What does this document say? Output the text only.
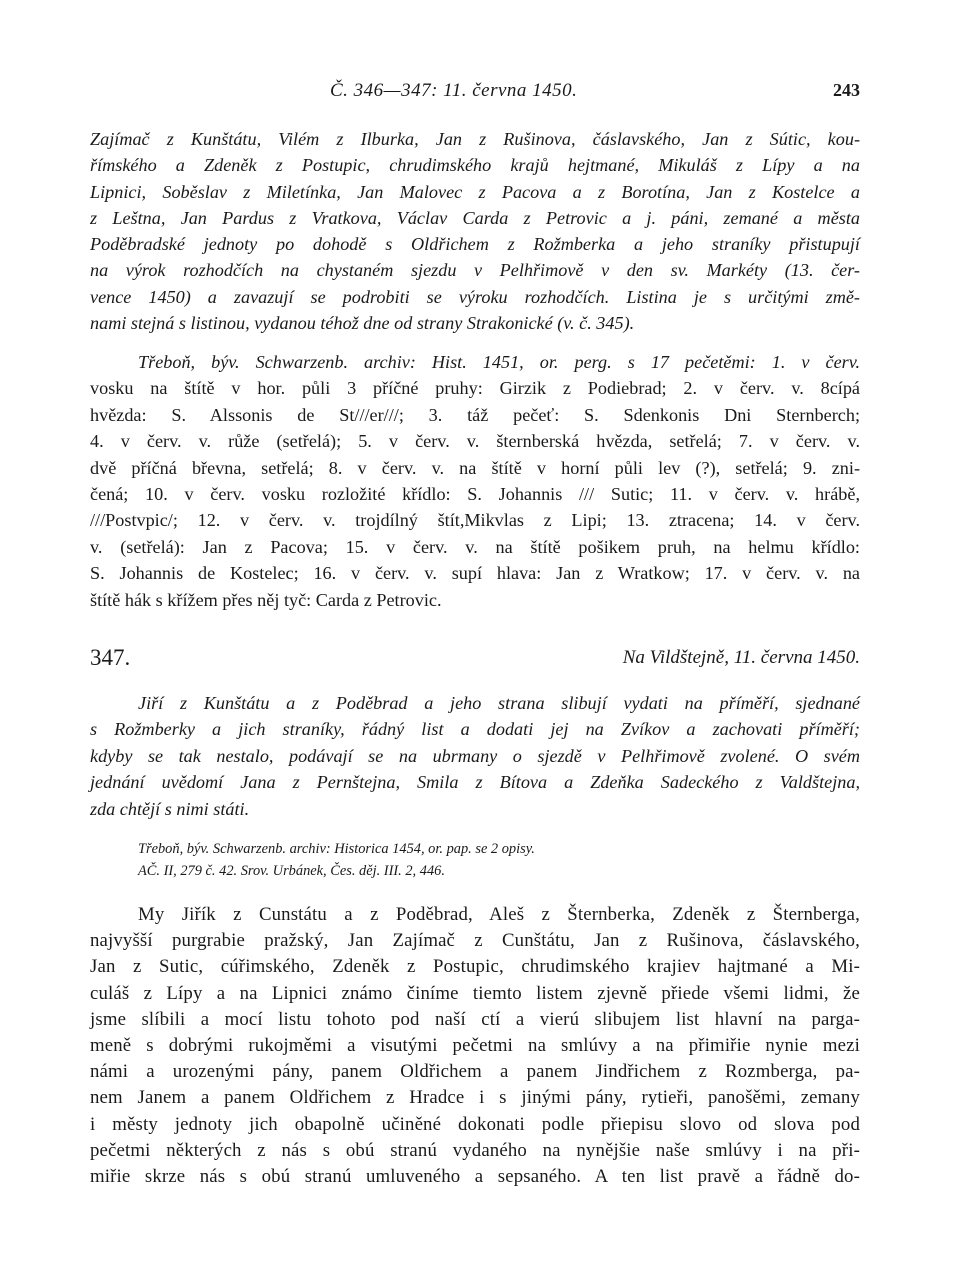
Č. 346—347: 11. června 1450.	243
Zajímač z Kunštátu, Vilém z Ilburka, Jan z Rušinova, čáslavského, Jan z Sútic, kou-
římského a Zdeněk z Postupic, chrudimského krajů hejtmané, Mikuláš z Lípy a na
Lipnici, Soběslav z Miletínka, Jan Malovec z Pacova a z Borotína, Jan z Kostelce a
z Leštna, Jan Pardus z Vratkova, Václav Carda z Petrovic a j. páni, zemané a města
Poděbradské jednoty po dohodě s Oldřichem z Rožmberka a jeho straníky přistupují
na výrok rozhodčích na chystaném sjezdu v Pelhřimově v den sv. Markéty (13. čer-
vence 1450) a zavazují se podrobiti se výroku rozhodčích. Listina je s určitými změ-
nami stejná s listinou, vydanou téhož dne od strany Strakonické (v. č. 345).
Třeboň, býv. Schwarzenb. archiv: Hist. 1451, or. perg. s 17 pečetěmi: 1. v červ.
vosku na štítě v hor. půli 3 příčné pruhy: Girzik z Podiebrad; 2. v červ. v. 8cípá
hvězda: S. Alssonis de St///er///; 3. táž pečeť: S. Sdenkonis Dni Sternberch;
4. v červ. v. růže (setřelá); 5. v červ. v. šternberská hvězda, setřelá; 7. v červ. v.
dvě příčná břevna, setřelá; 8. v červ. v. na štítě v horní půli lev (?), setřelá; 9. zni-
čená; 10. v červ. vosku rozložité křídlo: S. Johannis /// Sutic; 11. v červ. v. hrábě,
///Postvpic/; 12. v červ. v. trojdílný štít,Mikvlas z Lipi; 13. ztracena; 14. v červ.
v. (setřelá): Jan z Pacova; 15. v červ. v. na štítě pošikem pruh, na helmu křídlo:
S. Johannis de Kostelec; 16. v červ. v. supí hlava: Jan z Wratkow; 17. v červ. v. na
štítě hák s křížem přes něj tyč: Carda z Petrovic.
347.	Na Vildštejně, 11. června 1450.
Jiří z Kunštátu a z Poděbrad a jeho strana slibují vydati na příměří, sjednané
s Rožmberky a jich straníky, řádný list a dodati jej na Zvíkov a zachovati příměří;
kdyby se tak nestalo, podávají se na ubrmany o sjezdě v Pelhřimově zvolené. O svém
jednání uvědomí Jana z Pernštejna, Smila z Bítova a Zdeňka Sadeckého z Valdštejna,
zda chtějí s nimi státi.
Třeboň, býv. Schwarzenb. archiv: Historica 1454, or. pap. se 2 opisy.
AČ. II, 279 č. 42. Srov. Urbánek, Čes. děj. III. 2, 446.
My Jiřík z Cunstátu a z Poděbrad, Aleš z Šternberka, Zdeněk z Šternberga,
najvyšší purgrabie pražský, Jan Zajímač z Cunštátu, Jan z Rušinova, čáslavského,
Jan z Sutic, cúřimského, Zdeněk z Postupic, chrudimského krajiev hajtmané a Mi-
culáš z Lípy a na Lipnici známo činíme tiemto listem zjevně přiede všemi lidmi, že
jsme slíbili a mocí listu tohoto pod naší ctí a vierú slibujem list hlavní na parga-
meně s dobrými rukojměmi a visutými pečetmi na smlúvy a na přimiřie nynie mezi
námi a urozenými pány, panem Oldřichem a panem Jindřichem z Rozmberga, pa-
nem Janem a panem Oldřichem z Hradce i s jinými pány, rytieři, panošěmi, zemany
i městy jednoty jich obapolně učiněné dokonati podle přiepisu slovo od slova pod
pečetmi některých z nás s obú stranú vydaného na nynějšie naše smlúvy i na při-
miřie skrze nás s obú stranú umluveného a sepsaného. A ten list pravě a řádně do-
